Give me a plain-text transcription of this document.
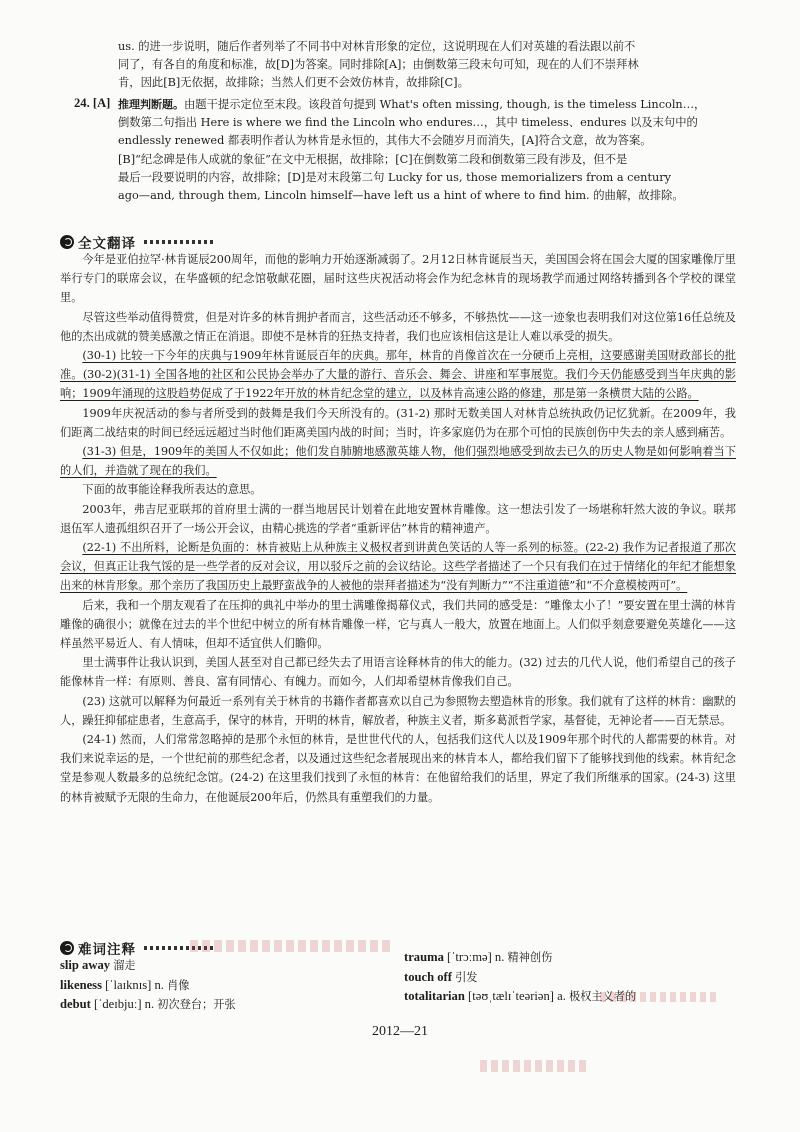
us. 的进一步说明，随后作者列举了不同书中对林肯形象的定位，这说明现在人们对英雄的看法跟以前不

同了，有各自的角度和标准，故[D]为答案。同时排除[A]；由倒数第三段末句可知，现在的人们不崇拜林

肯，因此[B]无依据，故排除；当然人们更不会效仿林肯，故排除[C]。

24. [A] 推理判断题。由题干提示定位至末段。该段首句提到 What's often missing, though, is the timeless Lincoln…，

倒数第二句指出 Here is where we find the Lincoln who endures…，其中 timeless、endures 以及末句中的

endlessly renewed 都表明作者认为林肯是永恒的，其伟大不会随岁月而消失，[A]符合文意，故为答案。

[B]“纪念碑是伟人成就的象征”在文中无根据，故排除；[C]在倒数第二段和倒数第三段有涉及，但不是

最后一段要说明的内容，故排除；[D]是对末段第二句 Lucky for us, those memorializers from a century

ago—and, through them, Lincoln himself—have left us a hint of where to find him. 的曲解，故排除。

全文翻译

今年是亚伯拉罕·林肯诞辰200周年，而他的影响力开始逐渐减弱了。2月12日林肯诞辰当天，美国国会将在国会大厦的国家雕像厅里举行专门的联席会议，在华盛顿的纪念馆敬献花圈，届时这些庆祝活动将会作为纪念林肯的现场教学而通过网络转播到各个学校的课堂里。

尽管这些举动值得赞赏，但是对许多的林肯拥护者而言，这些活动还不够多，不够热忱——这一迹象也表明我们对这位第16任总统及他的杰出成就的赞美感激之情正在消退。即使不是林肯的狂热支持者，我们也应该相信这是让人难以承受的损失。

(30-1) 比较一下今年的庆典与1909年林肯诞辰百年的庆典。那年，林肯的肖像首次在一分硬币上亮相，这要感谢美国财政部长的批准。(30-2)(31-1) 全国各地的社区和公民协会举办了大量的游行、音乐会、舞会、讲座和军事展览。我们今天仍能感受到当年庆典的影响；1909年涌现的这股趋势促成了于1922年开放的林肯纪念堂的建立，以及林肯高速公路的修建，那是第一条横贯大陆的公路。

1909年庆祝活动的参与者所受到的鼓舞是我们今天所没有的。(31-2) 那时无数美国人对林肯总统执政仍记忆犹新。在2009年，我们距离二战结束的时间已经远远超过当时他们距离美国内战的时间；当时，许多家庭仍为在那个可怕的民族创伤中失去的亲人感到痛苦。

(31-3) 但是，1909年的美国人不仅如此；他们发自肺腑地感激英雄人物，他们强烈地感受到故去已久的历史人物是如何影响着当下的人们，并造就了现在的我们。

下面的故事能诠释我所表达的意思。

2003年，弗吉尼亚联邦的首府里士满的一群当地居民计划着在此地安置林肯雕像。这一想法引发了一场堪称轩然大波的争议。联邦退伍军人遗孤组织召开了一场公开会议，由精心挑选的学者“重新评估”林肯的精神遗产。

(22-1) 不出所料，论断是负面的：林肯被贴上从种族主义极权者到讲黄色笑话的人等一系列的标签。(22-2) 我作为记者报道了那次会议，但真正让我气馁的是一些学者的反对会议，用以驳斥之前的会议结论。这些学者描述了一个只有我们在过于情绪化的年纪才能想象出来的林肯形象。那个亲历了我国历史上最野蛮战争的人被他的崇拜者描述为“没有判断力”“不注重道德”和“不介意模棱两可”。

后来，我和一个朋友观看了在压抑的典礼中举办的里士满雕像揭幕仪式，我们共同的感受是：“雕像太小了！”要安置在里士满的林肯雕像的确很小；就像在过去的半个世纪中树立的所有林肯雕像一样，它与真人一般大，放置在地面上。人们似乎刻意要避免英雄化——这样虽然平易近人、有人情味，但却不适宜供人们瞻仰。

里士满事件让我认识到，美国人甚至对自己都已经失去了用语言诠释林肯的伟大的能力。(32) 过去的几代人说，他们希望自己的孩子能像林肯一样：有原则、善良、富有同情心、有魄力。而如今，人们却希望林肯像我们自己。

(23) 这就可以解释为何最近一系列有关于林肯的书籍作者都喜欢以自己为参照物去塑造林肯的形象。我们就有了这样的林肯：幽默的人，躁狂抑郁症患者，生意高手，保守的林肯，开明的林肯，解放者，种族主义者，斯多葛派哲学家，基督徒，无神论者——百无禁忌。

(24-1) 然而，人们常常忽略掉的是那个永恒的林肯，是世世代代的人，包括我们这代人以及1909年那个时代的人都需要的林肯。对我们来说幸运的是，一个世纪前的那些纪念者，以及通过这些纪念者展现出来的林肯本人，都给我们留下了能够找到他的线索。林肯纪念堂是参观人数最多的总统纪念馆。(24-2) 在这里我们找到了永恒的林肯：在他留给我们的话里，界定了我们所继承的国家。(24-3) 这里的林肯被赋予无限的生命力，在他诞辰200年后，仍然具有重塑我们的力量。

难词注释
slip away 溜走
likeness [ˈlaɪknɪs] n. 肖像
debut [ˈdeɪbjuː] n. 初次登台；开张
trauma [ˈtrɔːmə] n. 精神创伤
touch off 引发
totalitarian [təʊˌtælɪˈteəriən] a. 极权主义者的
2012—21
